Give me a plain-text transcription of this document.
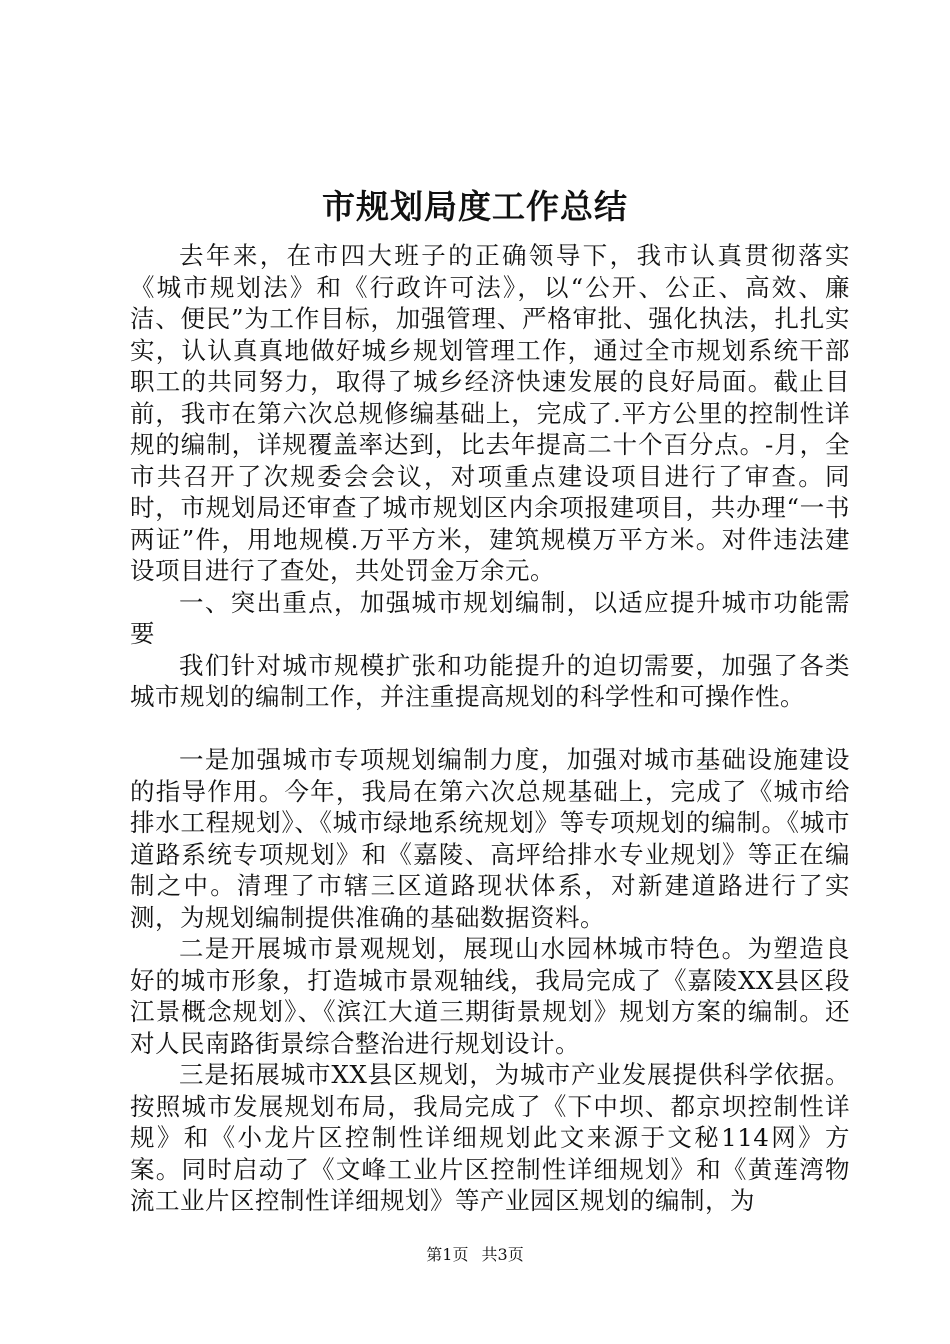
市规划局度工作总结

去年来，在市四大班子的正确领导下，我市认真贯彻落实《城市规划法》和《行政许可法》，以“公开、公正、高效、廉洁、便民”为工作目标，加强管理、严格审批、强化执法，扎扎实实，认认真真地做好城乡规划管理工作，通过全市规划系统干部职工的共同努力，取得了城乡经济快速发展的良好局面。截止目前，我市在第六次总规修编基础上，完成了.平方公里的控制性详规的编制，详规覆盖率达到，比去年提高二十个百分点。-月，全市共召开了次规委会会议，对项重点建设项目进行了审查。同时，市规划局还审查了城市规划区内余项报建项目，共办理“一书两证”件，用地规模.万平方米，建筑规模万平方米。对件违法建设项目进行了查处，共处罚金万余元。

一、突出重点，加强城市规划编制，以适应提升城市功能需要

我们针对城市规模扩张和功能提升的迫切需要，加强了各类城市规划的编制工作，并注重提高规划的科学性和可操作性。

一是加强城市专项规划编制力度，加强对城市基础设施建设的指导作用。今年，我局在第六次总规基础上，完成了《城市给排水工程规划》、《城市绿地系统规划》等专项规划的编制。《城市道路系统专项规划》和《嘉陵、高坪给排水专业规划》等正在编制之中。清理了市辖三区道路现状体系，对新建道路进行了实测，为规划编制提供准确的基础数据资料。

二是开展城市景观规划，展现山水园林城市特色。为塑造良好的城市形象，打造城市景观轴线，我局完成了《嘉陵XX县区段江景概念规划》、《滨江大道三期街景规划》规划方案的编制。还对人民南路街景综合整治进行规划设计。

三是拓展城市XX县区规划，为城市产业发展提供科学依据。按照城市发展规划布局，我局完成了《下中坝、都京坝控制性详规》和《小龙片区控制性详细规划此文来源于文秘114网》方案。同时启动了《文峰工业片区控制性详细规划》和《黄莲湾物流工业片区控制性详细规划》等产业园区规划的编制，为

第1页 共3页
